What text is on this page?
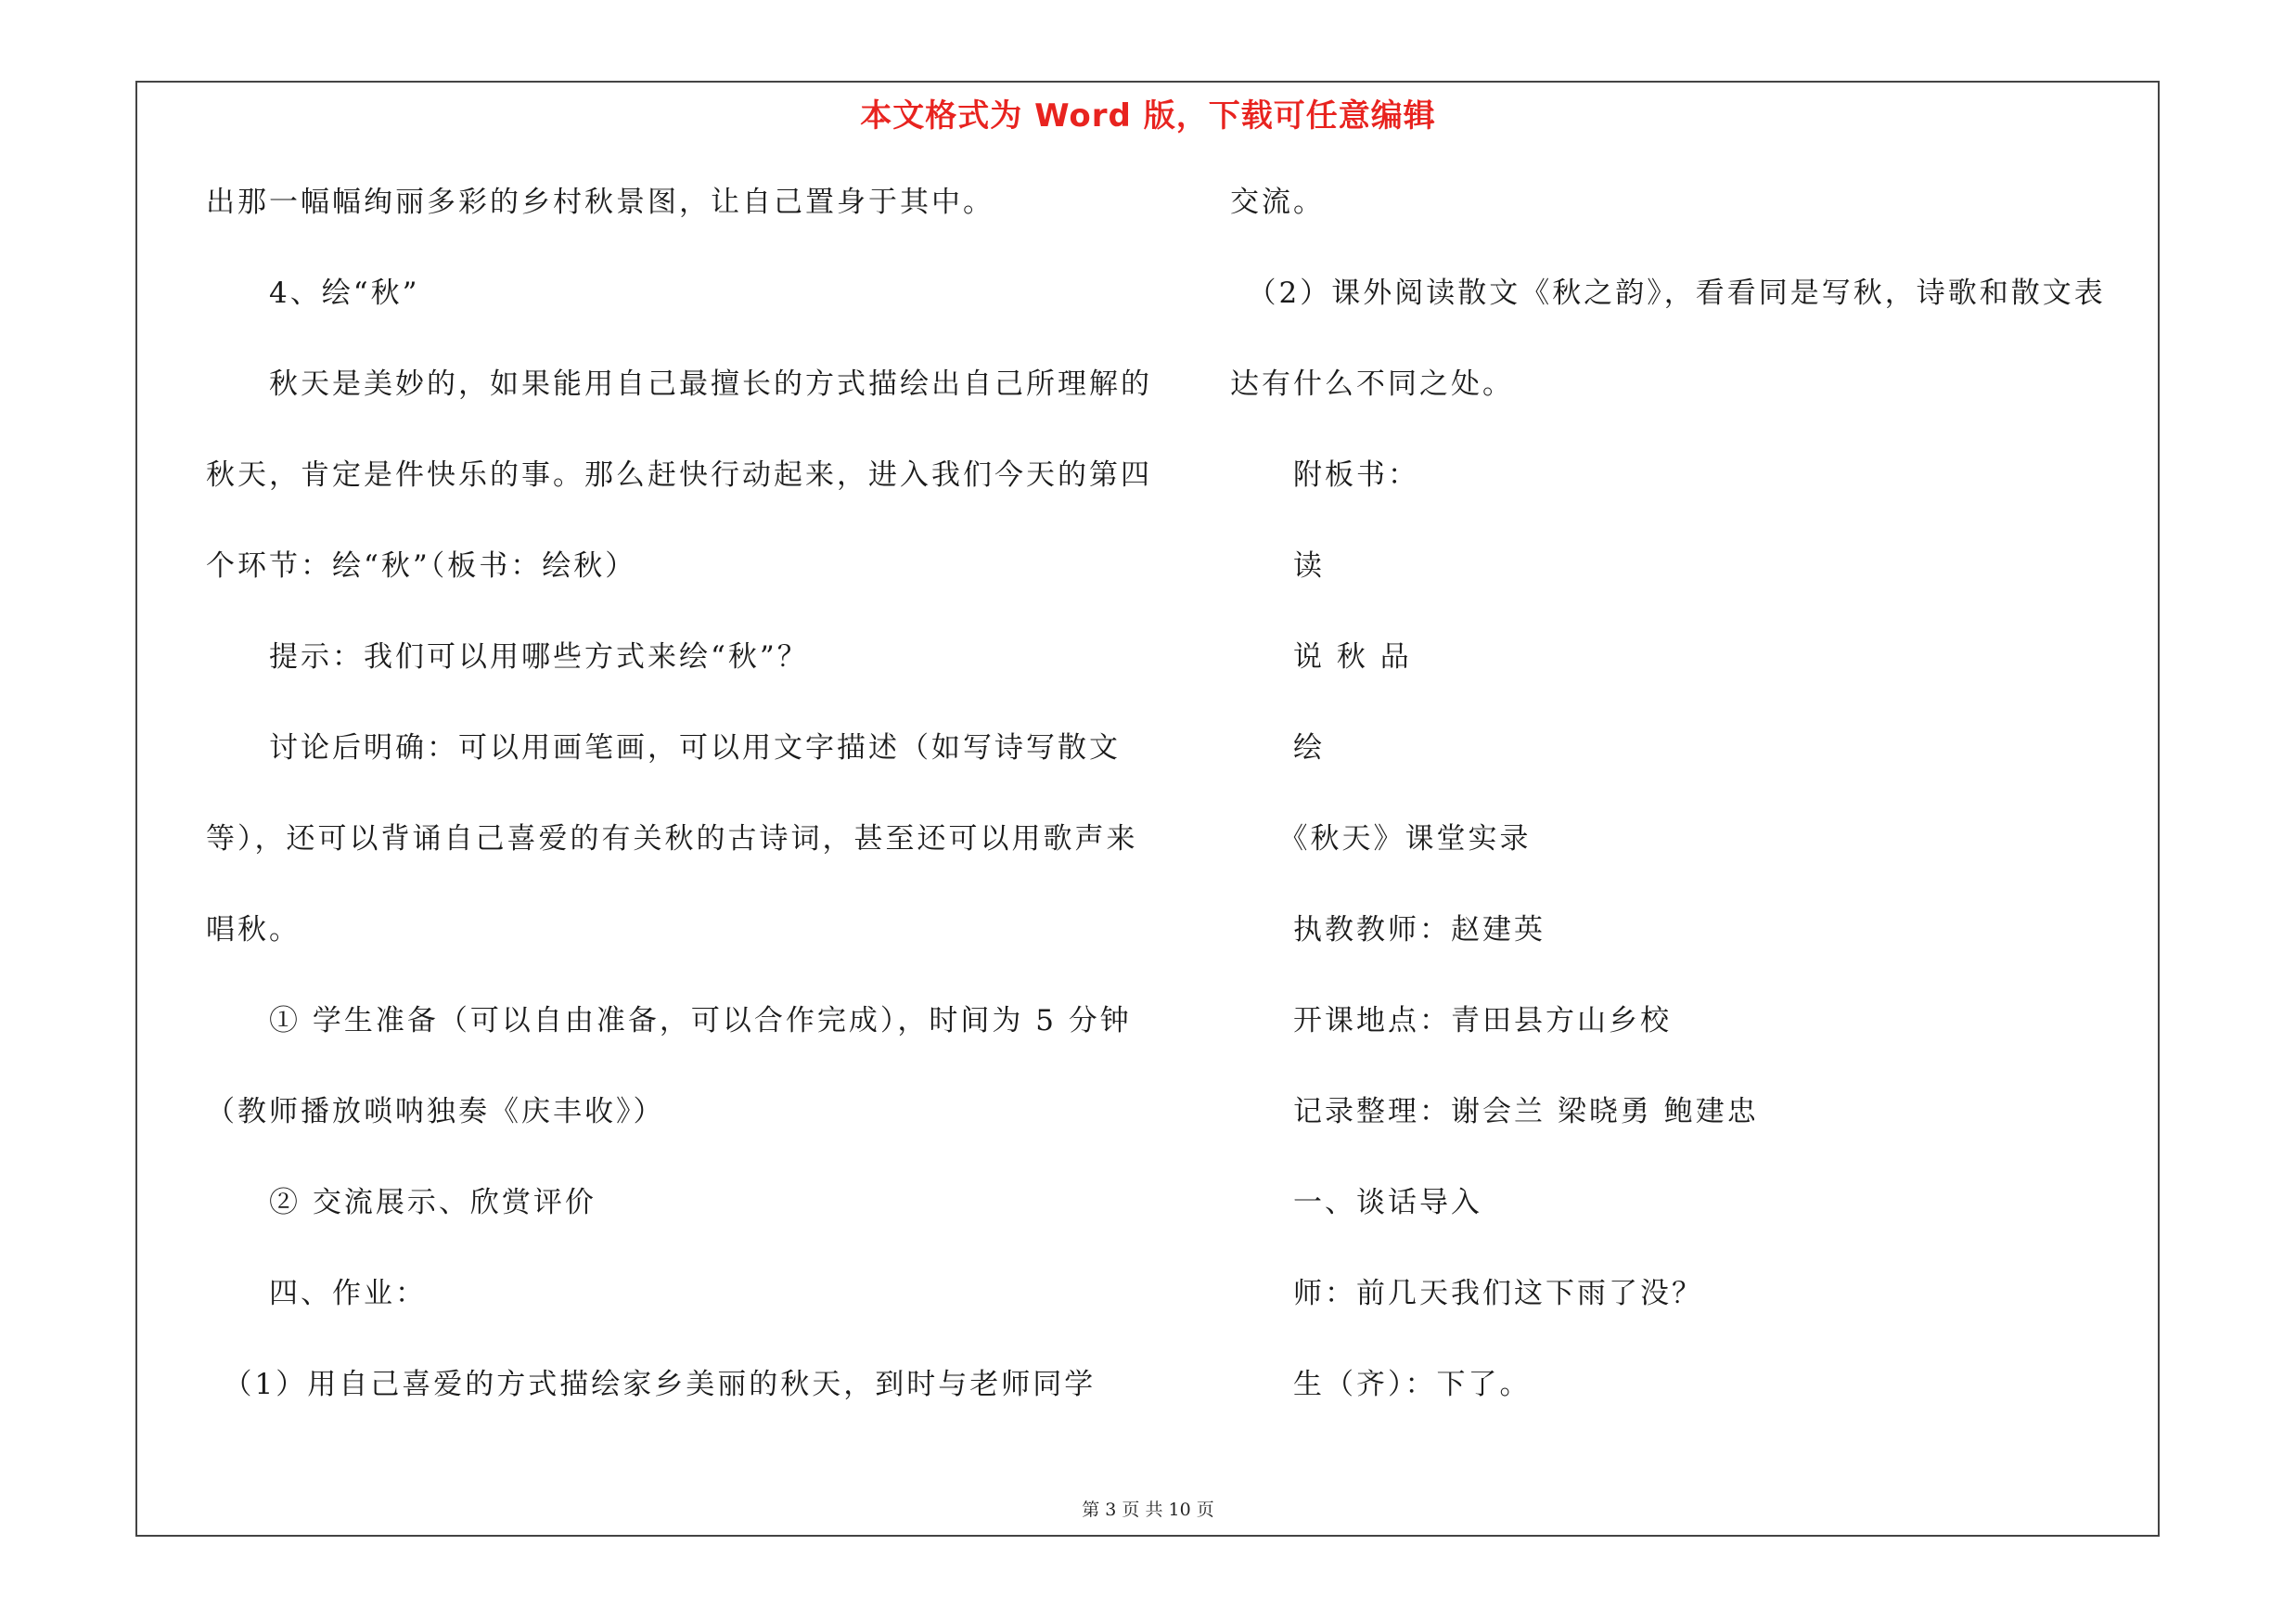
本文格式为 Word 版，下载可任意编辑
出那一幅幅绚丽多彩的乡村秋景图，让自己置身于其中。
　　4、绘“秋”
　　秋天是美妙的，如果能用自己最擅长的方式描绘出自己所理解的
秋天，肯定是件快乐的事。那么赶快行动起来，进入我们今天的第四
个环节：绘“秋”（板书：绘秋）
　　提示：我们可以用哪些方式来绘“秋”？
　　讨论后明确：可以用画笔画，可以用文字描述（如写诗写散文
等），还可以背诵自己喜爱的有关秋的古诗词，甚至还可以用歌声来
唱秋。
　　① 学生准备（可以自由准备，可以合作完成），时间为 5 分钟
（教师播放唢呐独奏《庆丰收》）
　　② 交流展示、欣赏评价
　　四、作业：
　（1）用自己喜爱的方式描绘家乡美丽的秋天，到时与老师同学
交流。
　（2）课外阅读散文《秋之韵》，看看同是写秋，诗歌和散文表
达有什么不同之处。
　　附板书：
　　读
　　说 秋 品
　　绘
　　《秋天》课堂实录
　　执教教师：赵建英
　　开课地点：青田县方山乡校
　　记录整理：谢会兰 梁晓勇 鲍建忠
　　一、谈话导入
　　师：前几天我们这下雨了没？
　　生（齐）：下了。
第 3 页 共 10 页
